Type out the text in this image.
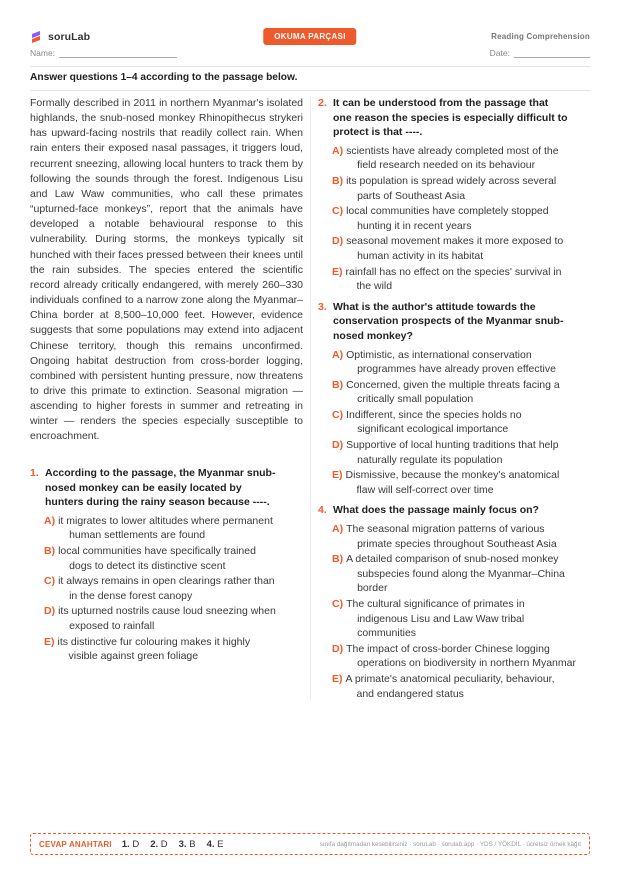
soruLab	OKUMA PARÇASI	Reading Comprehension
Name:	Date:
Answer questions 1–4 according to the passage below.

Formally described in 2011 in northern Myanmar's isolated highlands, the snub-nosed monkey Rhinopithecus strykeri has upward-facing nostrils that readily collect rain. When rain enters their exposed nasal passages, it triggers loud, recurrent sneezing, allowing local hunters to track them by following the sounds through the forest. Indigenous Lisu and Law Waw communities, who call these primates “upturned-face monkeys”, report that the animals have developed a notable behavioural response to this vulnerability. During storms, the monkeys typically sit hunched with their faces pressed between their knees until the rain subsides. The species entered the scientific record already critically endangered, with merely 260–330 individuals confined to a narrow zone along the Myanmar–China border at 8,500–10,000 feet. However, evidence suggests that some populations may extend into adjacent Chinese territory, though this remains unconfirmed. Ongoing habitat destruction from cross-border logging, combined with persistent hunting pressure, now threatens to drive this primate to extinction. Seasonal migration — ascending to higher forests in summer and retreating in winter — renders the species especially susceptible to encroachment.

1. According to the passage, the Myanmar snub-
nosed monkey can be easily located by
hunters during the rainy season because ----.
A) it migrates to lower altitudes where permanent
human settlements are found
B) local communities have specifically trained
dogs to detect its distinctive scent
C) it always remains in open clearings rather than
in the dense forest canopy
D) its upturned nostrils cause loud sneezing when
exposed to rainfall
E) its distinctive fur colouring makes it highly
visible against green foliage
2. It can be understood from the passage that
one reason the species is especially difficult to
protect is that ----.
A) scientists have already completed most of the
field research needed on its behaviour
B) its population is spread widely across several
parts of Southeast Asia
C) local communities have completely stopped
hunting it in recent years
D) seasonal movement makes it more exposed to
human activity in its habitat
E) rainfall has no effect on the species' survival in
the wild
3. What is the author's attitude towards the
conservation prospects of the Myanmar snub-
nosed monkey?
A) Optimistic, as international conservation
programmes have already proven effective
B) Concerned, given the multiple threats facing a
critically small population
C) Indifferent, since the species holds no
significant ecological importance
D) Supportive of local hunting traditions that help
naturally regulate its population
E) Dismissive, because the monkey's anatomical
flaw will self-correct over time
4. What does the passage mainly focus on?
A) The seasonal migration patterns of various
primate species throughout Southeast Asia
B) A detailed comparison of snub-nosed monkey
subspecies found along the Myanmar–China
border
C) The cultural significance of primates in
indigenous Lisu and Law Waw tribal
communities
D) The impact of cross-border Chinese logging
operations on biodiversity in northern Myanmar
E) A primate's anatomical peculiarity, behaviour,
and endangered status
CEVAP ANAHTARI 1. D 2. D 3. B 4. E	sınıfa dağıtmadan kesebilirsiniz · soruLab · sorulab.app · YDS / YÖKDİL · ücretsiz örnek kâğıt
